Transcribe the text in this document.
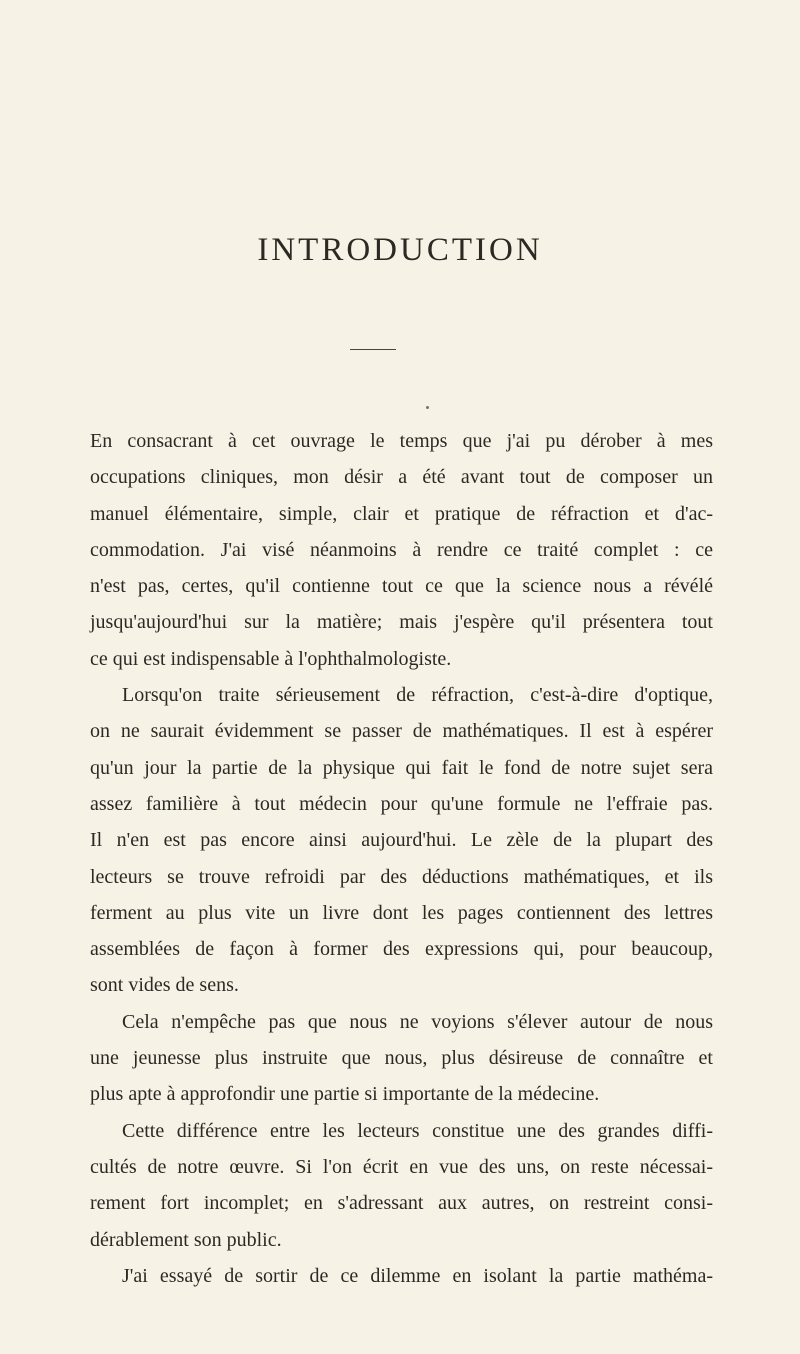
INTRODUCTION
En consacrant à cet ouvrage le temps que j'ai pu dérober à mes
occupations cliniques, mon désir a été avant tout de composer un
manuel élémentaire, simple, clair et pratique de réfraction et d'ac-
commodation. J'ai visé néanmoins à rendre ce traité complet : ce
n'est pas, certes, qu'il contienne tout ce que la science nous a révélé
jusqu'aujourd'hui sur la matière; mais j'espère qu'il présentera tout
ce qui est indispensable à l'ophthalmologiste.
Lorsqu'on traite sérieusement de réfraction, c'est-à-dire d'optique,
on ne saurait évidemment se passer de mathématiques. Il est à espérer
qu'un jour la partie de la physique qui fait le fond de notre sujet sera
assez familière à tout médecin pour qu'une formule ne l'effraie pas.
Il n'en est pas encore ainsi aujourd'hui. Le zèle de la plupart des
lecteurs se trouve refroidi par des déductions mathématiques, et ils
ferment au plus vite un livre dont les pages contiennent des lettres
assemblées de façon à former des expressions qui, pour beaucoup,
sont vides de sens.
Cela n'empêche pas que nous ne voyions s'élever autour de nous
une jeunesse plus instruite que nous, plus désireuse de connaître et
plus apte à approfondir une partie si importante de la médecine.
Cette différence entre les lecteurs constitue une des grandes diffi-
cultés de notre œuvre. Si l'on écrit en vue des uns, on reste nécessai-
rement fort incomplet; en s'adressant aux autres, on restreint consi-
dérablement son public.
J'ai essayé de sortir de ce dilemme en isolant la partie mathéma-
